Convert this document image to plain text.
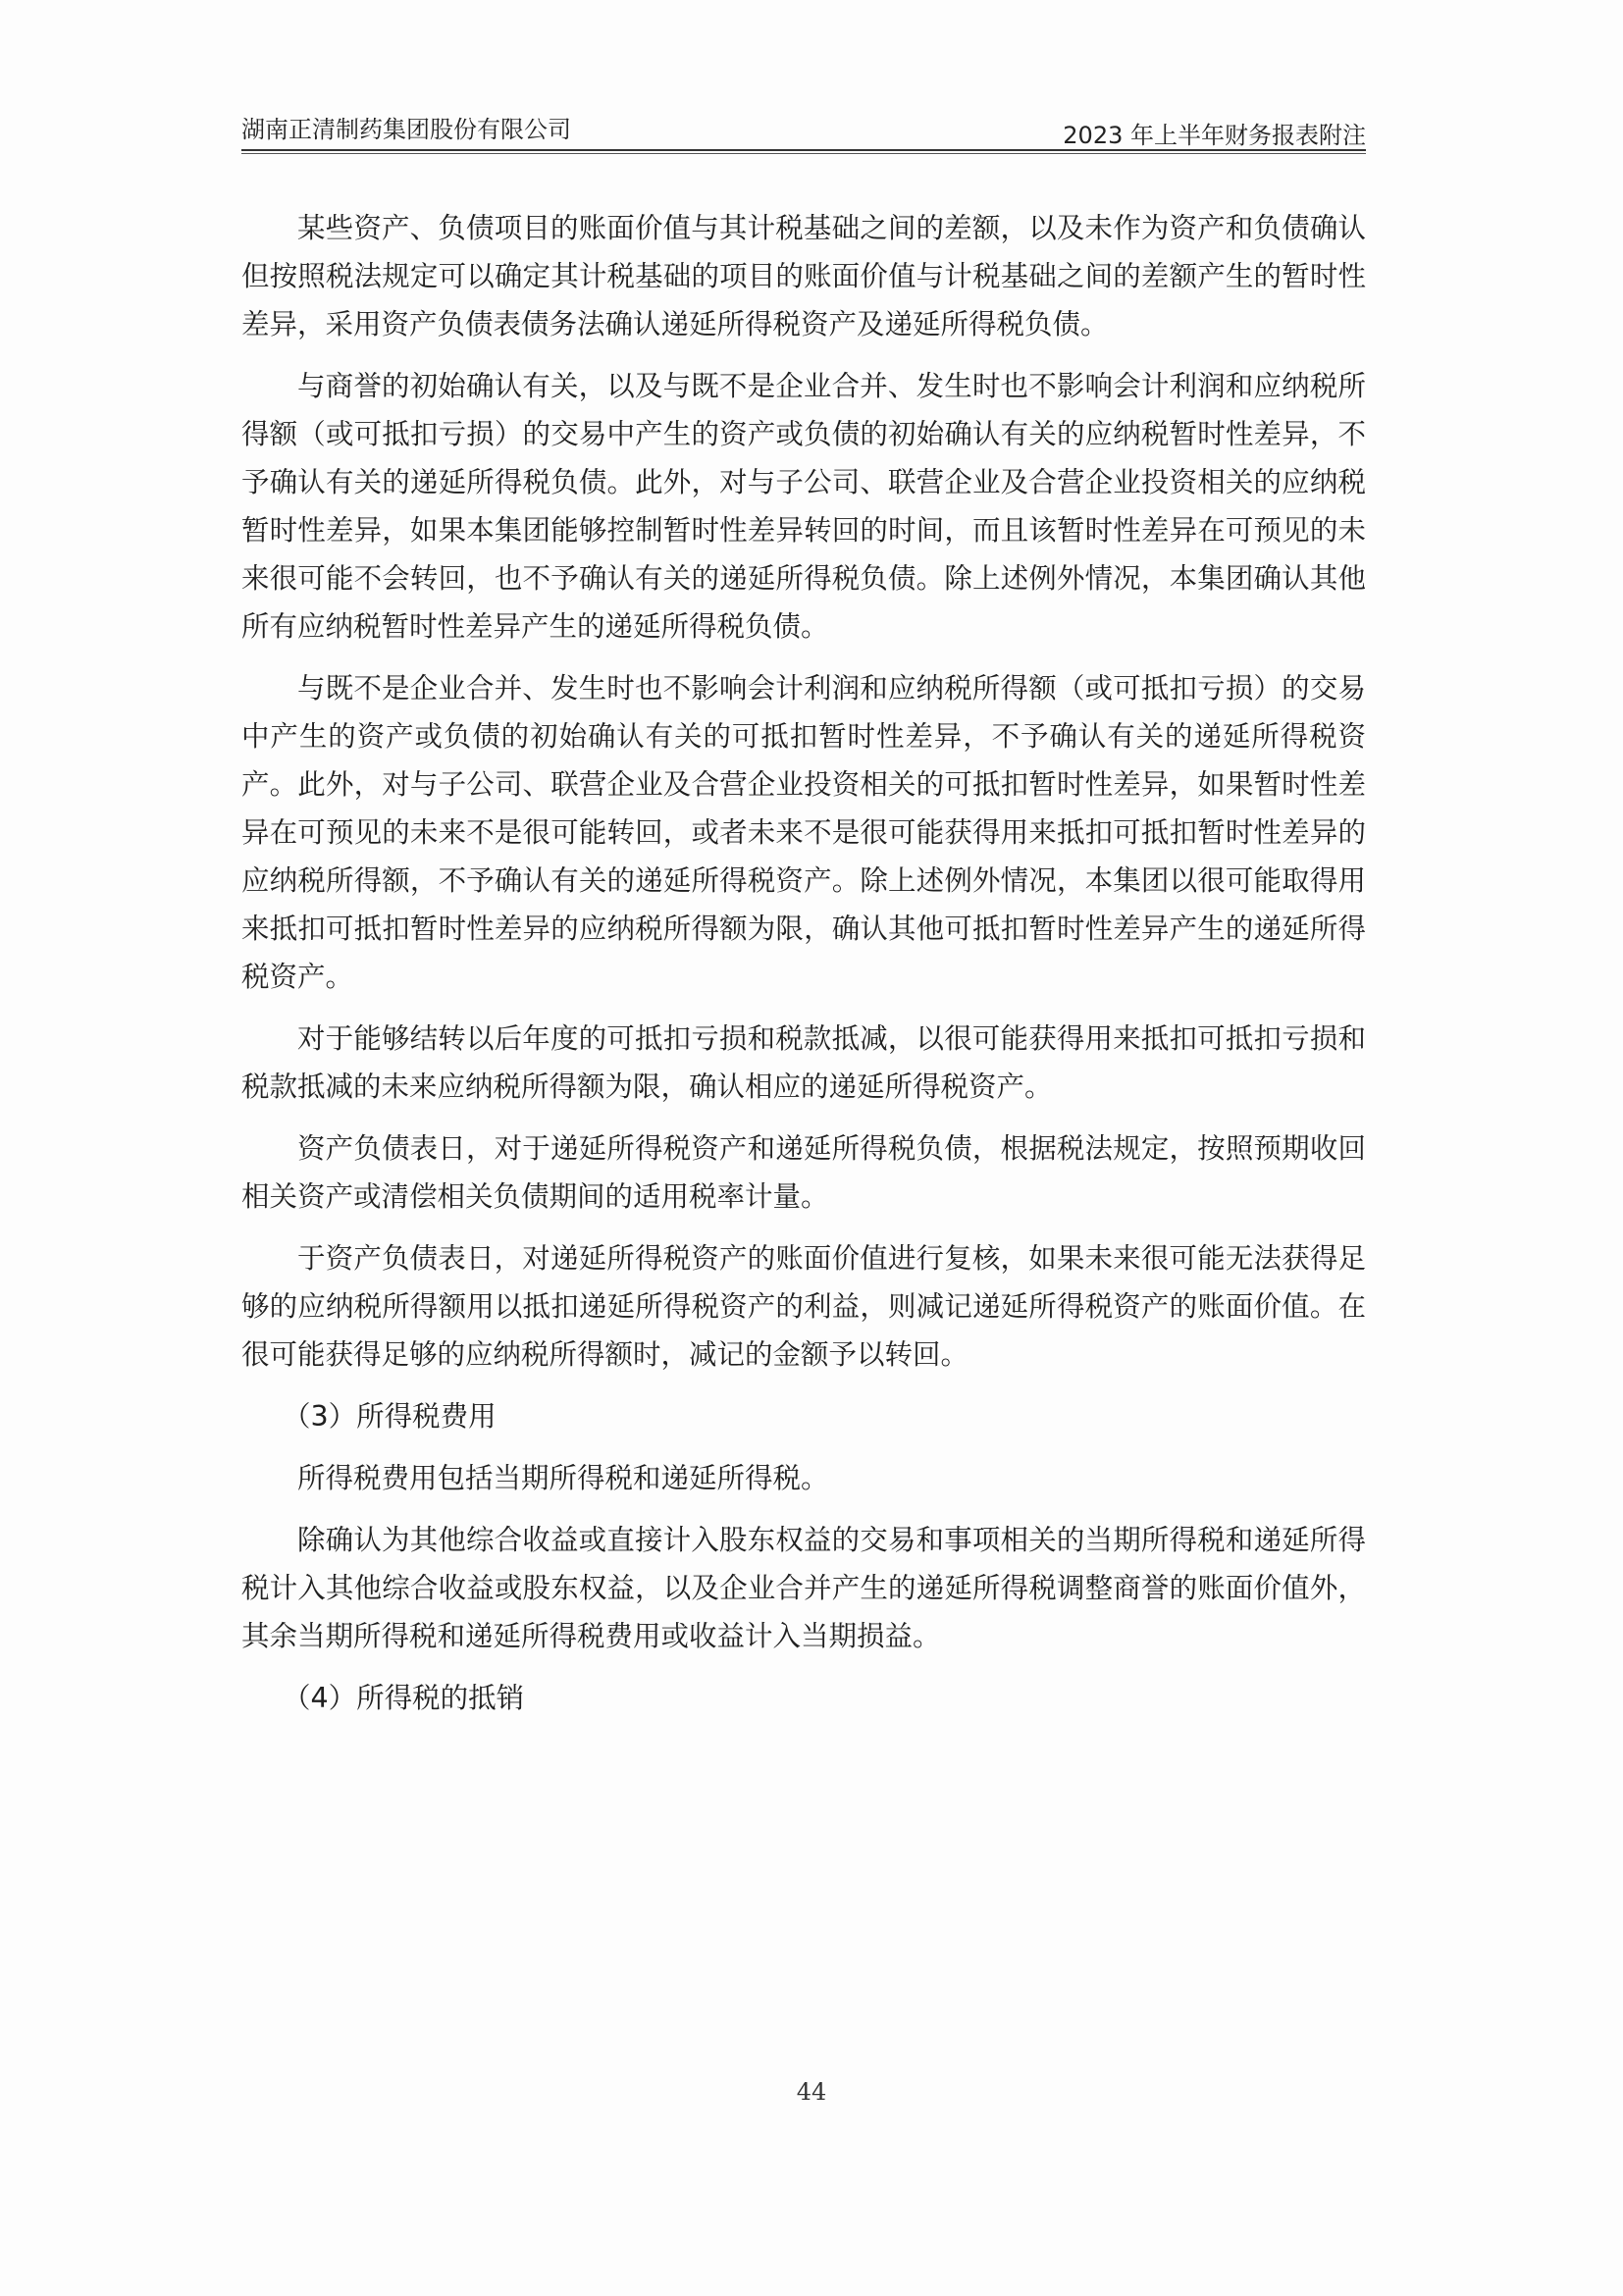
湖南正清制药集团股份有限公司	2023 年上半年财务报表附注

某些资产、负债项目的账面价值与其计税基础之间的差额，以及未作为资产和负债确认但按照税法规定可以确定其计税基础的项目的账面价值与计税基础之间的差额产生的暂时性差异，采用资产负债表债务法确认递延所得税资产及递延所得税负债。

与商誉的初始确认有关，以及与既不是企业合并、发生时也不影响会计利润和应纳税所得额（或可抵扣亏损）的交易中产生的资产或负债的初始确认有关的应纳税暂时性差异，不予确认有关的递延所得税负债。此外，对与子公司、联营企业及合营企业投资相关的应纳税暂时性差异，如果本集团能够控制暂时性差异转回的时间，而且该暂时性差异在可预见的未来很可能不会转回，也不予确认有关的递延所得税负债。除上述例外情况，本集团确认其他所有应纳税暂时性差异产生的递延所得税负债。

与既不是企业合并、发生时也不影响会计利润和应纳税所得额（或可抵扣亏损）的交易中产生的资产或负债的初始确认有关的可抵扣暂时性差异，不予确认有关的递延所得税资产。此外，对与子公司、联营企业及合营企业投资相关的可抵扣暂时性差异，如果暂时性差异在可预见的未来不是很可能转回，或者未来不是很可能获得用来抵扣可抵扣暂时性差异的应纳税所得额，不予确认有关的递延所得税资产。除上述例外情况，本集团以很可能取得用来抵扣可抵扣暂时性差异的应纳税所得额为限，确认其他可抵扣暂时性差异产生的递延所得税资产。

对于能够结转以后年度的可抵扣亏损和税款抵减，以很可能获得用来抵扣可抵扣亏损和税款抵减的未来应纳税所得额为限，确认相应的递延所得税资产。

资产负债表日，对于递延所得税资产和递延所得税负债，根据税法规定，按照预期收回相关资产或清偿相关负债期间的适用税率计量。

于资产负债表日，对递延所得税资产的账面价值进行复核，如果未来很可能无法获得足够的应纳税所得额用以抵扣递延所得税资产的利益，则减记递延所得税资产的账面价值。在很可能获得足够的应纳税所得额时，减记的金额予以转回。

（3）所得税费用

所得税费用包括当期所得税和递延所得税。

除确认为其他综合收益或直接计入股东权益的交易和事项相关的当期所得税和递延所得税计入其他综合收益或股东权益，以及企业合并产生的递延所得税调整商誉的账面价值外，其余当期所得税和递延所得税费用或收益计入当期损益。

（4）所得税的抵销

44
